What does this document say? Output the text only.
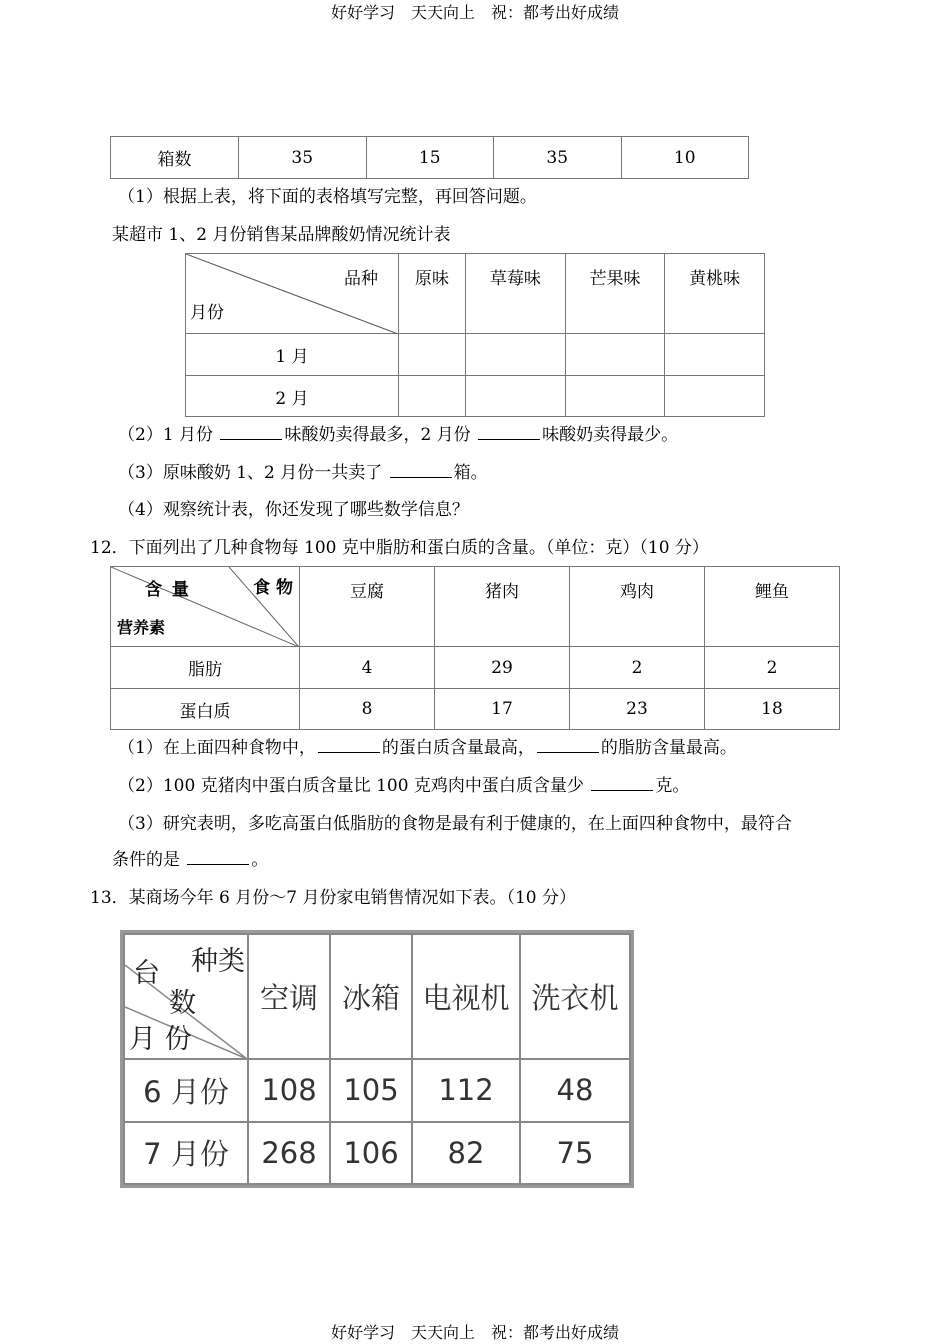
好好学习　天天向上　祝：都考出好成绩
箱数	35	15	35	10
（1）根据上表，将下面的表格填写完整，再回答问题。
某超市 1、2 月份销售某品牌酸奶情况统计表
品种
月份	原味	草莓味	芒果味	黄桃味
1 月				
2 月				
（2）1 月份	味酸奶卖得最多，2 月份	味酸奶卖得最少。
（3）原味酸奶 1、2 月份一共卖了	箱。
（4）观察统计表，你还发现了哪些数学信息？
12．下面列出了几种食物每 100 克中脂肪和蛋白质的含量。（单位：克）（10 分）
含 量 食 物
营养素	豆腐	猪肉	鸡肉	鲤鱼
脂肪	4	29	2	2
蛋白质	8	17	23	18
（1）在上面四种食物中，	的蛋白质含量最高，	的脂肪含量最高。
（2）100 克猪肉中蛋白质含量比 100 克鸡肉中蛋白质含量少	克。
（3）研究表明，多吃高蛋白低脂肪的食物是最有利于健康的，在上面四种食物中，最符合
条件的是	。
13．某商场今年 6 月份～7 月份家电销售情况如下表。（10 分）
台 种类
数
月 份	空调	冰箱	电视机	洗衣机
6 月份	108	105	112	48
7 月份	268	106	82	75
好好学习　天天向上　祝：都考出好成绩
